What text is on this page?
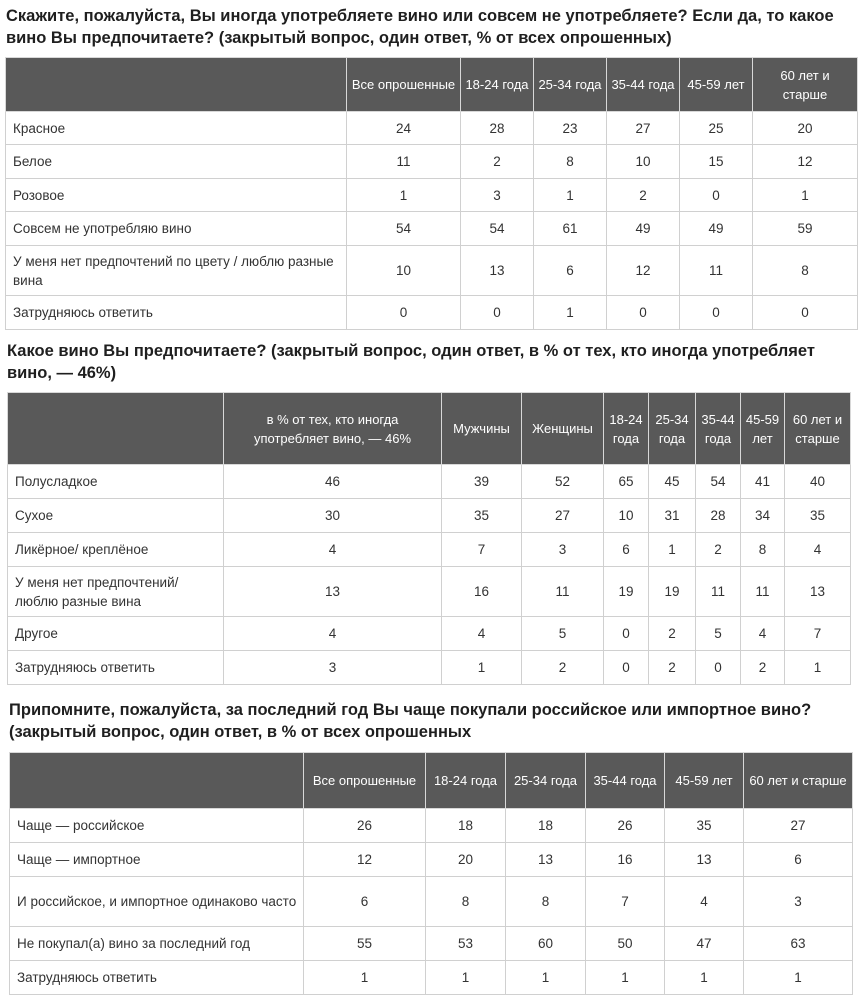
Скажите, пожалуйста, Вы иногда употребляете вино или совсем не употребляете? Если да, то какое вино Вы предпочитаете? (закрытый вопрос, один ответ, % от всех опрошенных)
	Все опрошенные	18-24 года	25-34 года	35-44 года	45-59 лет	60 лет и старше
Красное	24	28	23	27	25	20
Белое	11	2	8	10	15	12
Розовое	1	3	1	2	0	1
Совсем не употребляю вино	54	54	61	49	49	59
У меня нет предпочтений по цвету / люблю разные вина	10	13	6	12	11	8
Затрудняюсь ответить	0	0	1	0	0	0
Какое вино Вы предпочитаете? (закрытый вопрос, один ответ, в % от тех, кто иногда употребляет вино, — 46%)
	в % от тех, кто иногда употребляет вино, — 46%	Мужчины	Женщины	18-24 года	25-34 года	35-44 года	45-59 лет	60 лет и старше
Полусладкое	46	39	52	65	45	54	41	40
Сухое	30	35	27	10	31	28	34	35
Ликёрное/ креплёное	4	7	3	6	1	2	8	4
У меня нет предпочтений/ люблю разные вина	13	16	11	19	19	11	11	13
Другое	4	4	5	0	2	5	4	7
Затрудняюсь ответить	3	1	2	0	2	0	2	1
Припомните, пожалуйста, за последний год Вы чаще покупали российское или импортное вино? (закрытый вопрос, один ответ, в % от всех опрошенных
	Все опрошенные	18-24 года	25-34 года	35-44 года	45-59 лет	60 лет и старше
Чаще — российское	26	18	18	26	35	27
Чаще — импортное	12	20	13	16	13	6
И российское, и импортное одинаково часто	6	8	8	7	4	3
Не покупал(а) вино за последний год	55	53	60	50	47	63
Затрудняюсь ответить	1	1	1	1	1	1
